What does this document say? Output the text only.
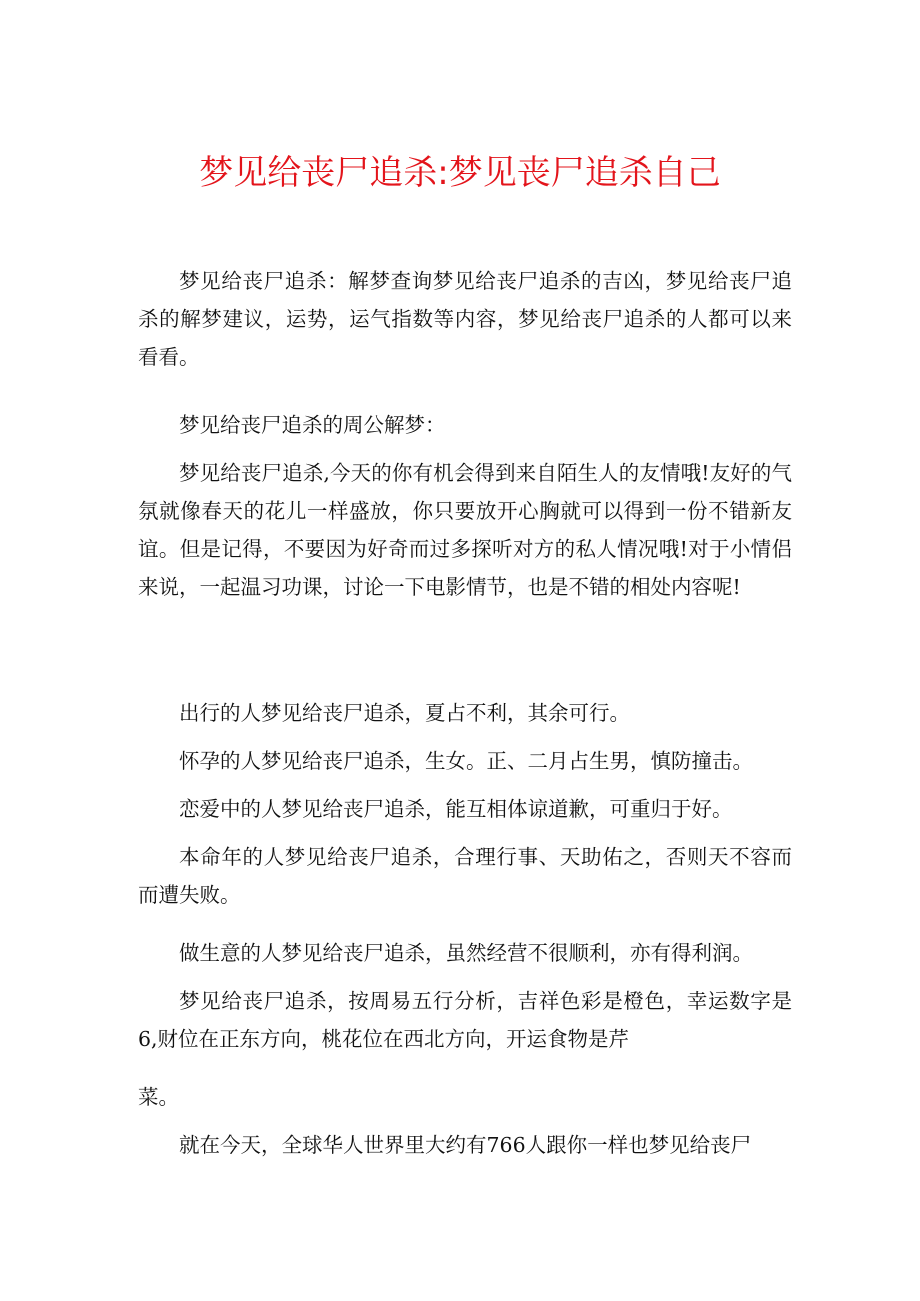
梦见给丧尸追杀:梦见丧尸追杀自己
梦见给丧尸追杀：解梦查询梦见给丧尸追杀的吉凶，梦见给丧尸追杀的解梦建议，运势，运气指数等内容，梦见给丧尸追杀的人都可以来看看。
梦见给丧尸追杀的周公解梦：
梦见给丧尸追杀,今天的你有机会得到来自陌生人的友情哦!友好的气氛就像春天的花儿一样盛放，你只要放开心胸就可以得到一份不错新友谊。但是记得，不要因为好奇而过多探听对方的私人情况哦!对于小情侣来说，一起温习功课，讨论一下电影情节，也是不错的相处内容呢!
出行的人梦见给丧尸追杀，夏占不利，其余可行。
怀孕的人梦见给丧尸追杀，生女。正、二月占生男，慎防撞击。
恋爱中的人梦见给丧尸追杀，能互相体谅道歉，可重归于好。
本命年的人梦见给丧尸追杀，合理行事、天助佑之，否则天不容而而遭失败。
做生意的人梦见给丧尸追杀，虽然经营不很顺利，亦有得利润。
梦见给丧尸追杀，按周易五行分析，吉祥色彩是橙色，幸运数字是6,财位在正东方向，桃花位在西北方向，开运食物是芹
菜。
就在今天，全球华人世界里大约有766人跟你一样也梦见给丧尸
